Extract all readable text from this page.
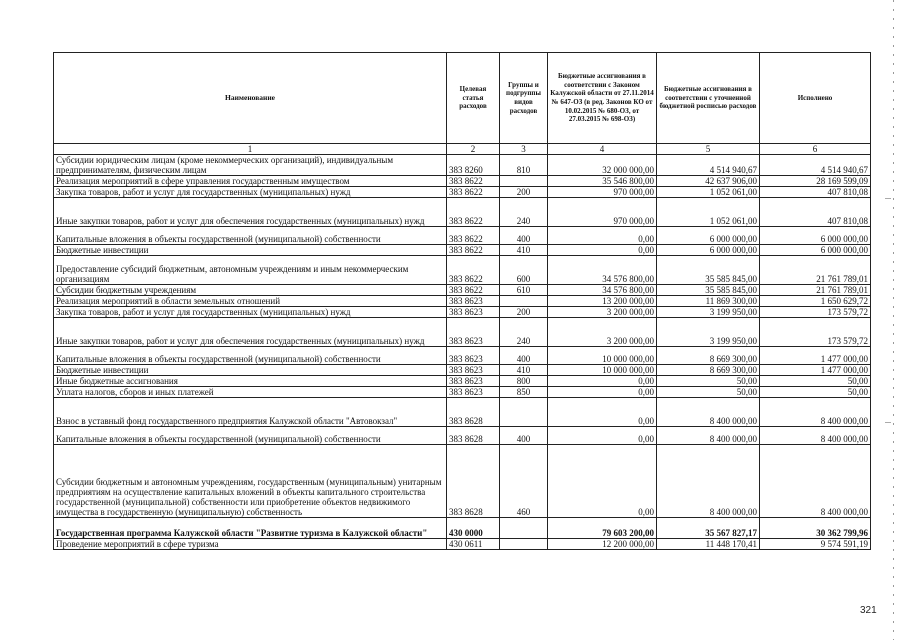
Наименование	Целевая статья расходов	Группы и подгруппы видов расходов	Бюджетные ассигнования в соответствии с Законом Калужской области от 27.11.2014 № 647-ОЗ (в ред. Законов КО от 10.02.2015 № 680-ОЗ, от 27.03.2015 № 698-ОЗ)	Бюджетные ассигнования в соответствии с уточненной бюджетной росписью расходов	Исполнено
1	2	3	4	5	6
Субсидии юридическим лицам (кроме некоммерческих организаций), индивидуальным предпринимателям, физическим лицам	383 8260	810	32 000 000,00	4 514 940,67	4 514 940,67
Реализация мероприятий в сфере управления государственным имуществом	383 8622		35 546 800,00	42 637 906,00	28 169 599,09
Закупка товаров, работ и услуг для государственных (муниципальных) нужд	383 8622	200	970 000,00	1 052 061,00	407 810,08
Иные закупки товаров, работ и услуг для обеспечения государственных (муниципальных) нужд	383 8622	240	970 000,00	1 052 061,00	407 810,08
Капитальные вложения в объекты государственной (муниципальной) собственности	383 8622	400	0,00	6 000 000,00	6 000 000,00
Бюджетные инвестиции	383 8622	410	0,00	6 000 000,00	6 000 000,00
Предоставление субсидий бюджетным, автономным учреждениям и иным некоммерческим организациям	383 8622	600	34 576 800,00	35 585 845,00	21 761 789,01
Субсидии бюджетным учреждениям	383 8622	610	34 576 800,00	35 585 845,00	21 761 789,01
Реализация мероприятий в области земельных отношений	383 8623		13 200 000,00	11 869 300,00	1 650 629,72
Закупка товаров, работ и услуг для государственных (муниципальных) нужд	383 8623	200	3 200 000,00	3 199 950,00	173 579,72
Иные закупки товаров, работ и услуг для обеспечения государственных (муниципальных) нужд	383 8623	240	3 200 000,00	3 199 950,00	173 579,72
Капитальные вложения в объекты государственной (муниципальной) собственности	383 8623	400	10 000 000,00	8 669 300,00	1 477 000,00
Бюджетные инвестиции	383 8623	410	10 000 000,00	8 669 300,00	1 477 000,00
Иные бюджетные ассигнования	383 8623	800	0,00	50,00	50,00
Уплата налогов, сборов и иных платежей	383 8623	850	0,00	50,00	50,00
Взнос в уставный фонд государственного предприятия Калужской области "Автовокзал"	383 8628		0,00	8 400 000,00	8 400 000,00
Капитальные вложения в объекты государственной (муниципальной) собственности	383 8628	400	0,00	8 400 000,00	8 400 000,00
Субсидии бюджетным и автономным учреждениям, государственным (муниципальным) унитарным предприятиям на осуществление капитальных вложений в объекты капитального строительства государственной (муниципальной) собственности или приобретение объектов недвижимого имущества в государственную (муниципальную) собственность	383 8628	460	0,00	8 400 000,00	8 400 000,00
Государственная программа Калужской области "Развитие туризма в Калужской области"	430 0000		79 603 200,00	35 567 827,17	30 362 799,96
Проведение мероприятий в сфере туризма	430 0611		12 200 000,00	11 448 170,41	9 574 591,19
321
